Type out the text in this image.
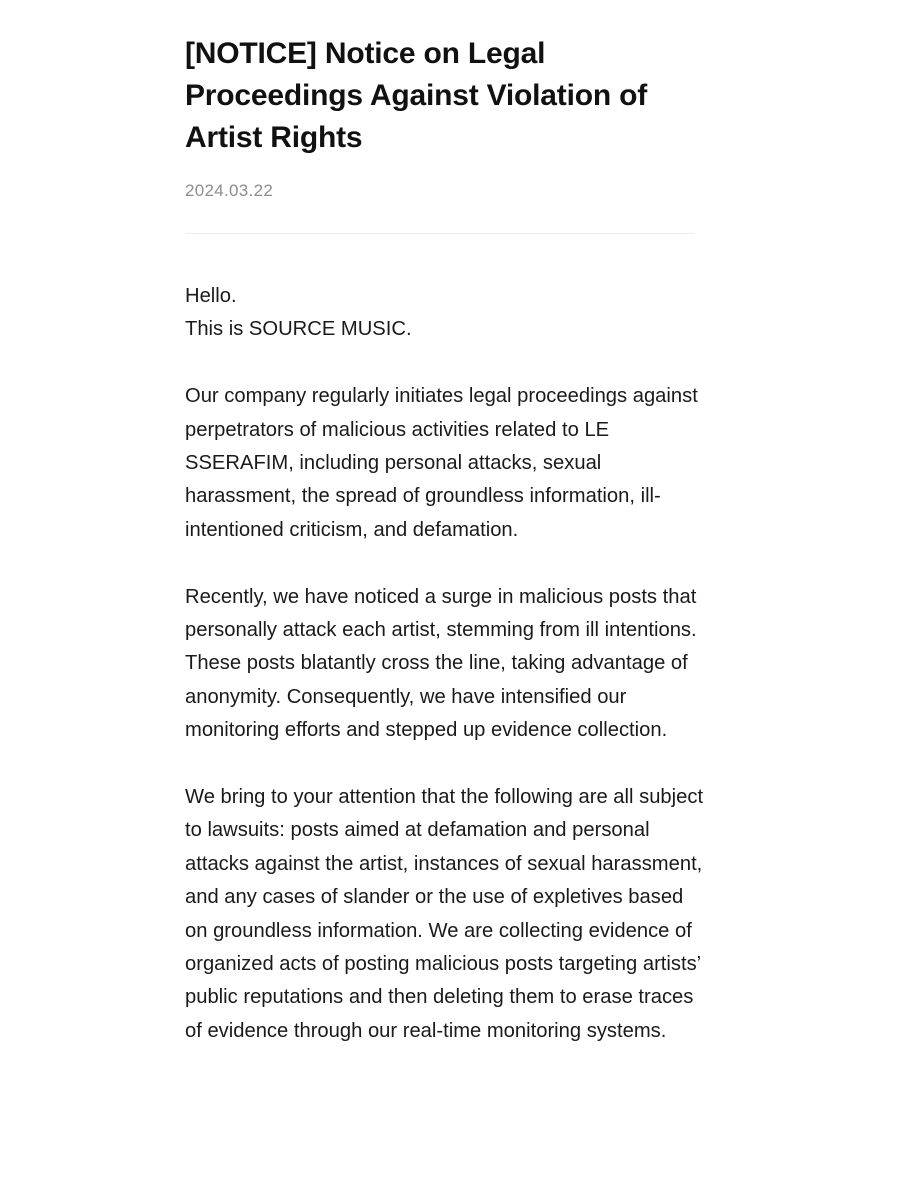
[NOTICE] Notice on Legal Proceedings Against Violation of Artist Rights
2024.03.22

Hello.
This is SOURCE MUSIC.

Our company regularly initiates legal proceedings against perpetrators of malicious activities related to LE SSERAFIM, including personal attacks, sexual harassment, the spread of groundless information, ill-intentioned criticism, and defamation.

Recently, we have noticed a surge in malicious posts that personally attack each artist, stemming from ill intentions. These posts blatantly cross the line, taking advantage of anonymity. Consequently, we have intensified our monitoring efforts and stepped up evidence collection.

We bring to your attention that the following are all subject to lawsuits: posts aimed at defamation and personal attacks against the artist, instances of sexual harassment, and any cases of slander or the use of expletives based on groundless information. We are collecting evidence of organized acts of posting malicious posts targeting artists’ public reputations and then deleting them to erase traces of evidence through our real-time monitoring systems.
